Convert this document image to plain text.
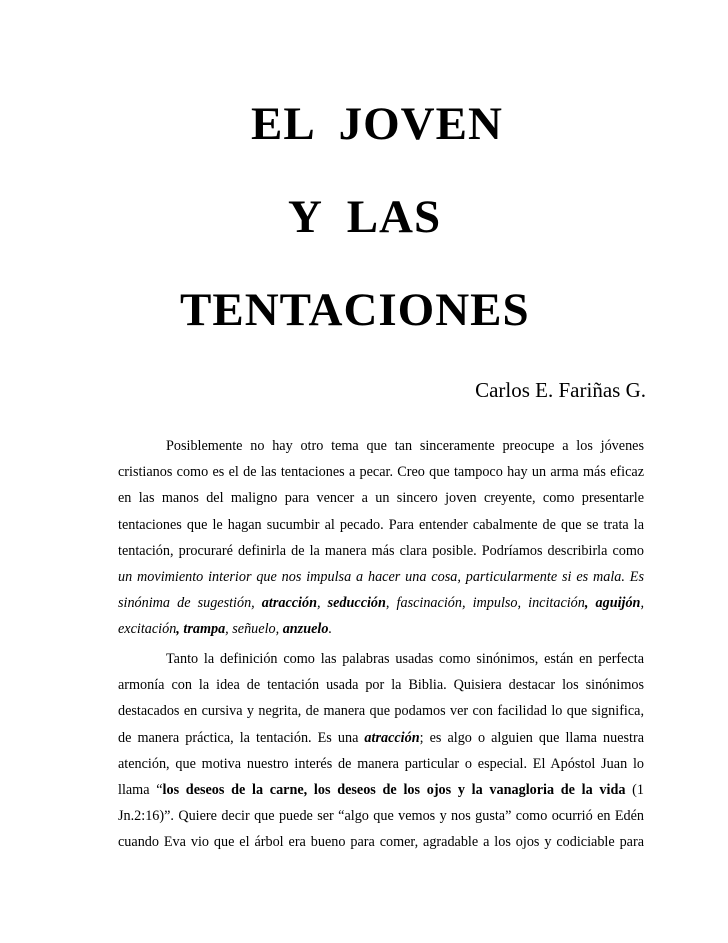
EL  JOVEN
Y  LAS
TENTACIONES
Carlos E. Fariñas G.
Posiblemente no hay otro tema que tan sinceramente preocupe a los jóvenes
cristianos como es el de las tentaciones a pecar. Creo que tampoco hay un arma más eficaz
en las manos del maligno para vencer a un sincero joven creyente, como presentarle
tentaciones que le hagan sucumbir al pecado. Para entender cabalmente de que se trata la
tentación, procuraré definirla de la manera más clara posible. Podríamos describirla como
un movimiento interior que nos impulsa a hacer una cosa, particularmente si es mala. Es
sinónima de sugestión, atracción, seducción, fascinación, impulso, incitación, aguijón,
excitación, trampa, señuelo, anzuelo.
Tanto la definición como las palabras usadas como sinónimos, están en perfecta
armonía con la idea de tentación usada por la Biblia. Quisiera destacar los sinónimos
destacados en cursiva y negrita, de manera que podamos ver con facilidad lo que significa,
de manera práctica, la tentación. Es una atracción; es algo o alguien que llama nuestra
atención, que motiva nuestro interés de manera particular o especial. El Apóstol Juan lo
llama “los deseos de la carne, los deseos de los ojos y la vanagloria de la vida (1
Jn.2:16)”. Quiere decir que puede ser “algo que vemos y nos gusta” como ocurrió en Edén
cuando Eva vio que el árbol era bueno para comer, agradable a los ojos y codiciable para
